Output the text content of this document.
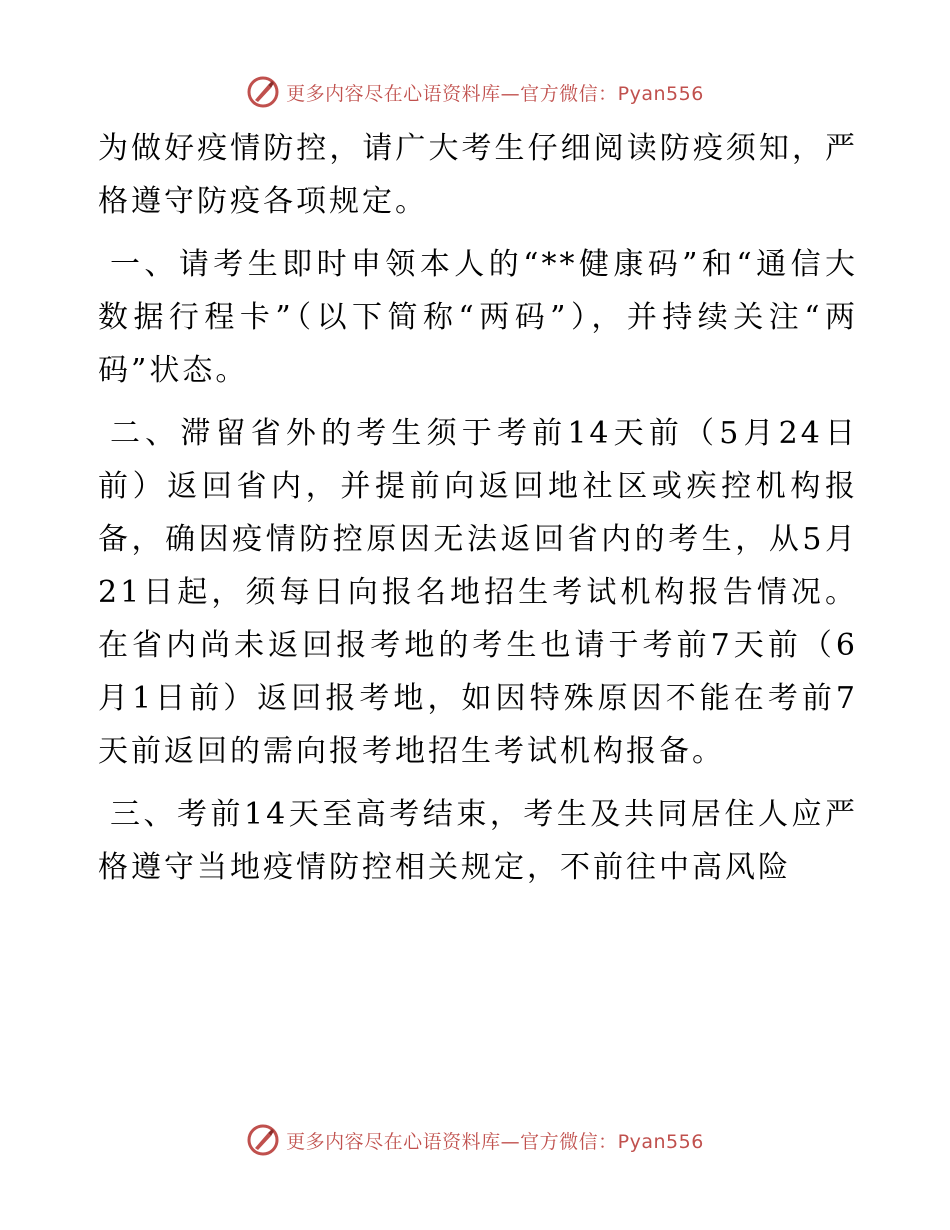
更多内容尽在心语资料库—官方微信：Pyan556

为做好疫情防控，请广大考生仔细阅读防疫须知，严格遵守防疫各项规定。

一、请考生即时申领本人的“**健康码”和“通信大数据行程卡”（以下简称“两码”），并持续关注“两码”状态。

二、滞留省外的考生须于考前14天前（5月24日前）返回省内，并提前向返回地社区或疾控机构报备，确因疫情防控原因无法返回省内的考生，从5月21日起，须每日向报名地招生考试机构报告情况。在省内尚未返回报考地的考生也请于考前7天前（6月1日前）返回报考地，如因特殊原因不能在考前7天前返回的需向报考地招生考试机构报备。

三、考前14天至高考结束，考生及共同居住人应严格遵守当地疫情防控相关规定，不前往中高风险

更多内容尽在心语资料库—官方微信：Pyan556
